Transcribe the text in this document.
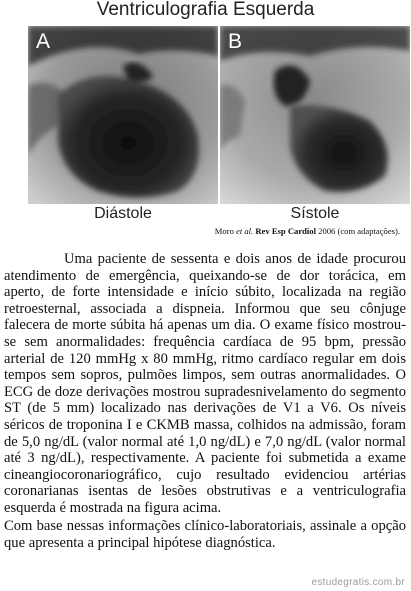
Ventriculografia Esquerda
A
Diástole
B
Sístole
Moro et al. Rev Esp Cardiol 2006 (com adaptações).

Uma paciente de sessenta e dois anos de idade procurou atendimento de emergência, queixando-se de dor torácica, em aperto, de forte intensidade e início súbito, localizada na região retroesternal, associada a dispneia. Informou que seu cônjuge falecera de morte súbita há apenas um dia. O exame físico mostrou-se sem anormalidades: frequência cardíaca de 95 bpm, pressão arterial de 120 mmHg x 80 mmHg, ritmo cardíaco regular em dois tempos sem sopros, pulmões limpos, sem outras anormalidades. O ECG de doze derivações mostrou supradesnivelamento do segmento ST (de 5 mm) localizado nas derivações de V1 a V6. Os níveis séricos de troponina I e CKMB massa, colhidos na admissão, foram de 5,0 ng/dL (valor normal até 1,0 ng/dL) e 7,0 ng/dL (valor normal até 3 ng/dL), respectivamente. A paciente foi submetida a exame cineangiocoronariográfico, cujo resultado evidenciou artérias coronarianas isentas de lesões obstrutivas e a ventriculografia esquerda é mostrada na figura acima.

Com base nessas informações clínico-laboratoriais, assinale a opção que apresenta a principal hipótese diagnóstica.

estudegratis.com.br
